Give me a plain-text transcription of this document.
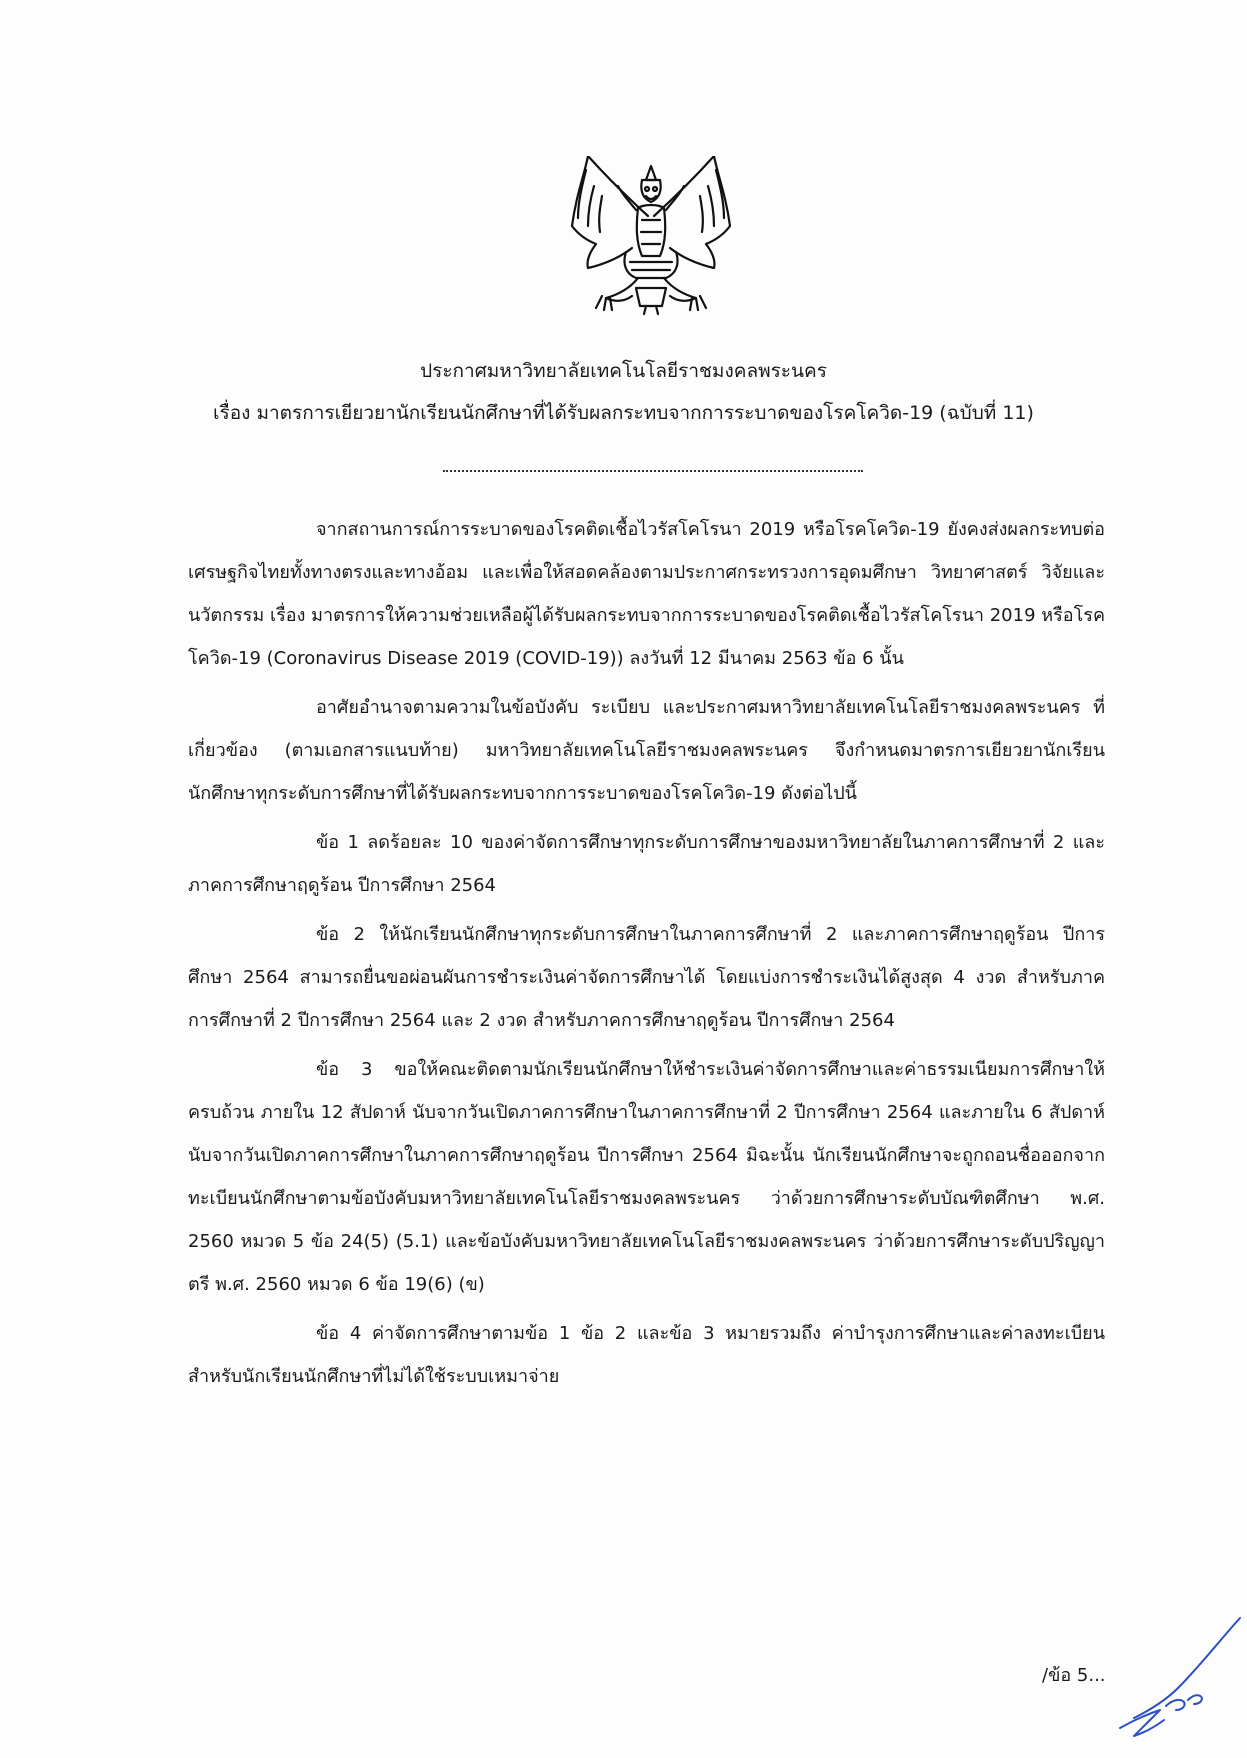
ประกาศมหาวิทยาลัยเทคโนโลยีราชมงคลพระนคร
เรื่อง มาตรการเยียวยานักเรียนนักศึกษาที่ได้รับผลกระทบจากการระบาดของโรคโควิด-19 (ฉบับที่ 11)

จากสถานการณ์การระบาดของโรคติดเชื้อไวรัสโคโรนา 2019 หรือโรคโควิด-19 ยังคงส่งผลกระทบต่อเศรษฐกิจไทยทั้งทางตรงและทางอ้อม และเพื่อให้สอดคล้องตามประกาศกระทรวงการอุดมศึกษา วิทยาศาสตร์ วิจัยและนวัตกรรม เรื่อง มาตรการให้ความช่วยเหลือผู้ได้รับผลกระทบจากการระบาดของโรคติดเชื้อไวรัสโคโรนา 2019 หรือโรคโควิด-19 (Coronavirus Disease 2019 (COVID-19)) ลงวันที่ 12 มีนาคม 2563 ข้อ 6 นั้น

อาศัยอำนาจตามความในข้อบังคับ ระเบียบ และประกาศมหาวิทยาลัยเทคโนโลยีราชมงคลพระนคร ที่เกี่ยวข้อง (ตามเอกสารแนบท้าย) มหาวิทยาลัยเทคโนโลยีราชมงคลพระนคร จึงกำหนดมาตรการเยียวยานักเรียนนักศึกษาทุกระดับการศึกษาที่ได้รับผลกระทบจากการระบาดของโรคโควิด-19 ดังต่อไปนี้

ข้อ 1 ลดร้อยละ 10 ของค่าจัดการศึกษาทุกระดับการศึกษาของมหาวิทยาลัยในภาคการศึกษาที่ 2 และภาคการศึกษาฤดูร้อน ปีการศึกษา 2564

ข้อ 2 ให้นักเรียนนักศึกษาทุกระดับการศึกษาในภาคการศึกษาที่ 2 และภาคการศึกษาฤดูร้อน ปีการศึกษา 2564 สามารถยื่นขอผ่อนผันการชำระเงินค่าจัดการศึกษาได้ โดยแบ่งการชำระเงินได้สูงสุด 4 งวด สำหรับภาคการศึกษาที่ 2 ปีการศึกษา 2564 และ 2 งวด สำหรับภาคการศึกษาฤดูร้อน ปีการศึกษา 2564

ข้อ 3 ขอให้คณะติดตามนักเรียนนักศึกษาให้ชำระเงินค่าจัดการศึกษาและค่าธรรมเนียมการศึกษาให้ครบถ้วน ภายใน 12 สัปดาห์ นับจากวันเปิดภาคการศึกษาในภาคการศึกษาที่ 2 ปีการศึกษา 2564 และภายใน 6 สัปดาห์ นับจากวันเปิดภาคการศึกษาในภาคการศึกษาฤดูร้อน ปีการศึกษา 2564 มิฉะนั้น นักเรียนนักศึกษาจะถูกถอนชื่อออกจากทะเบียนนักศึกษาตามข้อบังคับมหาวิทยาลัยเทคโนโลยีราชมงคลพระนคร ว่าด้วยการศึกษาระดับบัณฑิตศึกษา พ.ศ. 2560 หมวด 5 ข้อ 24(5) (5.1) และข้อบังคับมหาวิทยาลัยเทคโนโลยีราชมงคลพระนคร ว่าด้วยการศึกษาระดับปริญญาตรี พ.ศ. 2560 หมวด 6 ข้อ 19(6) (ข)

ข้อ 4 ค่าจัดการศึกษาตามข้อ 1 ข้อ 2 และข้อ 3 หมายรวมถึง ค่าบำรุงการศึกษาและค่าลงทะเบียน สำหรับนักเรียนนักศึกษาที่ไม่ได้ใช้ระบบเหมาจ่าย

/ข้อ 5...
